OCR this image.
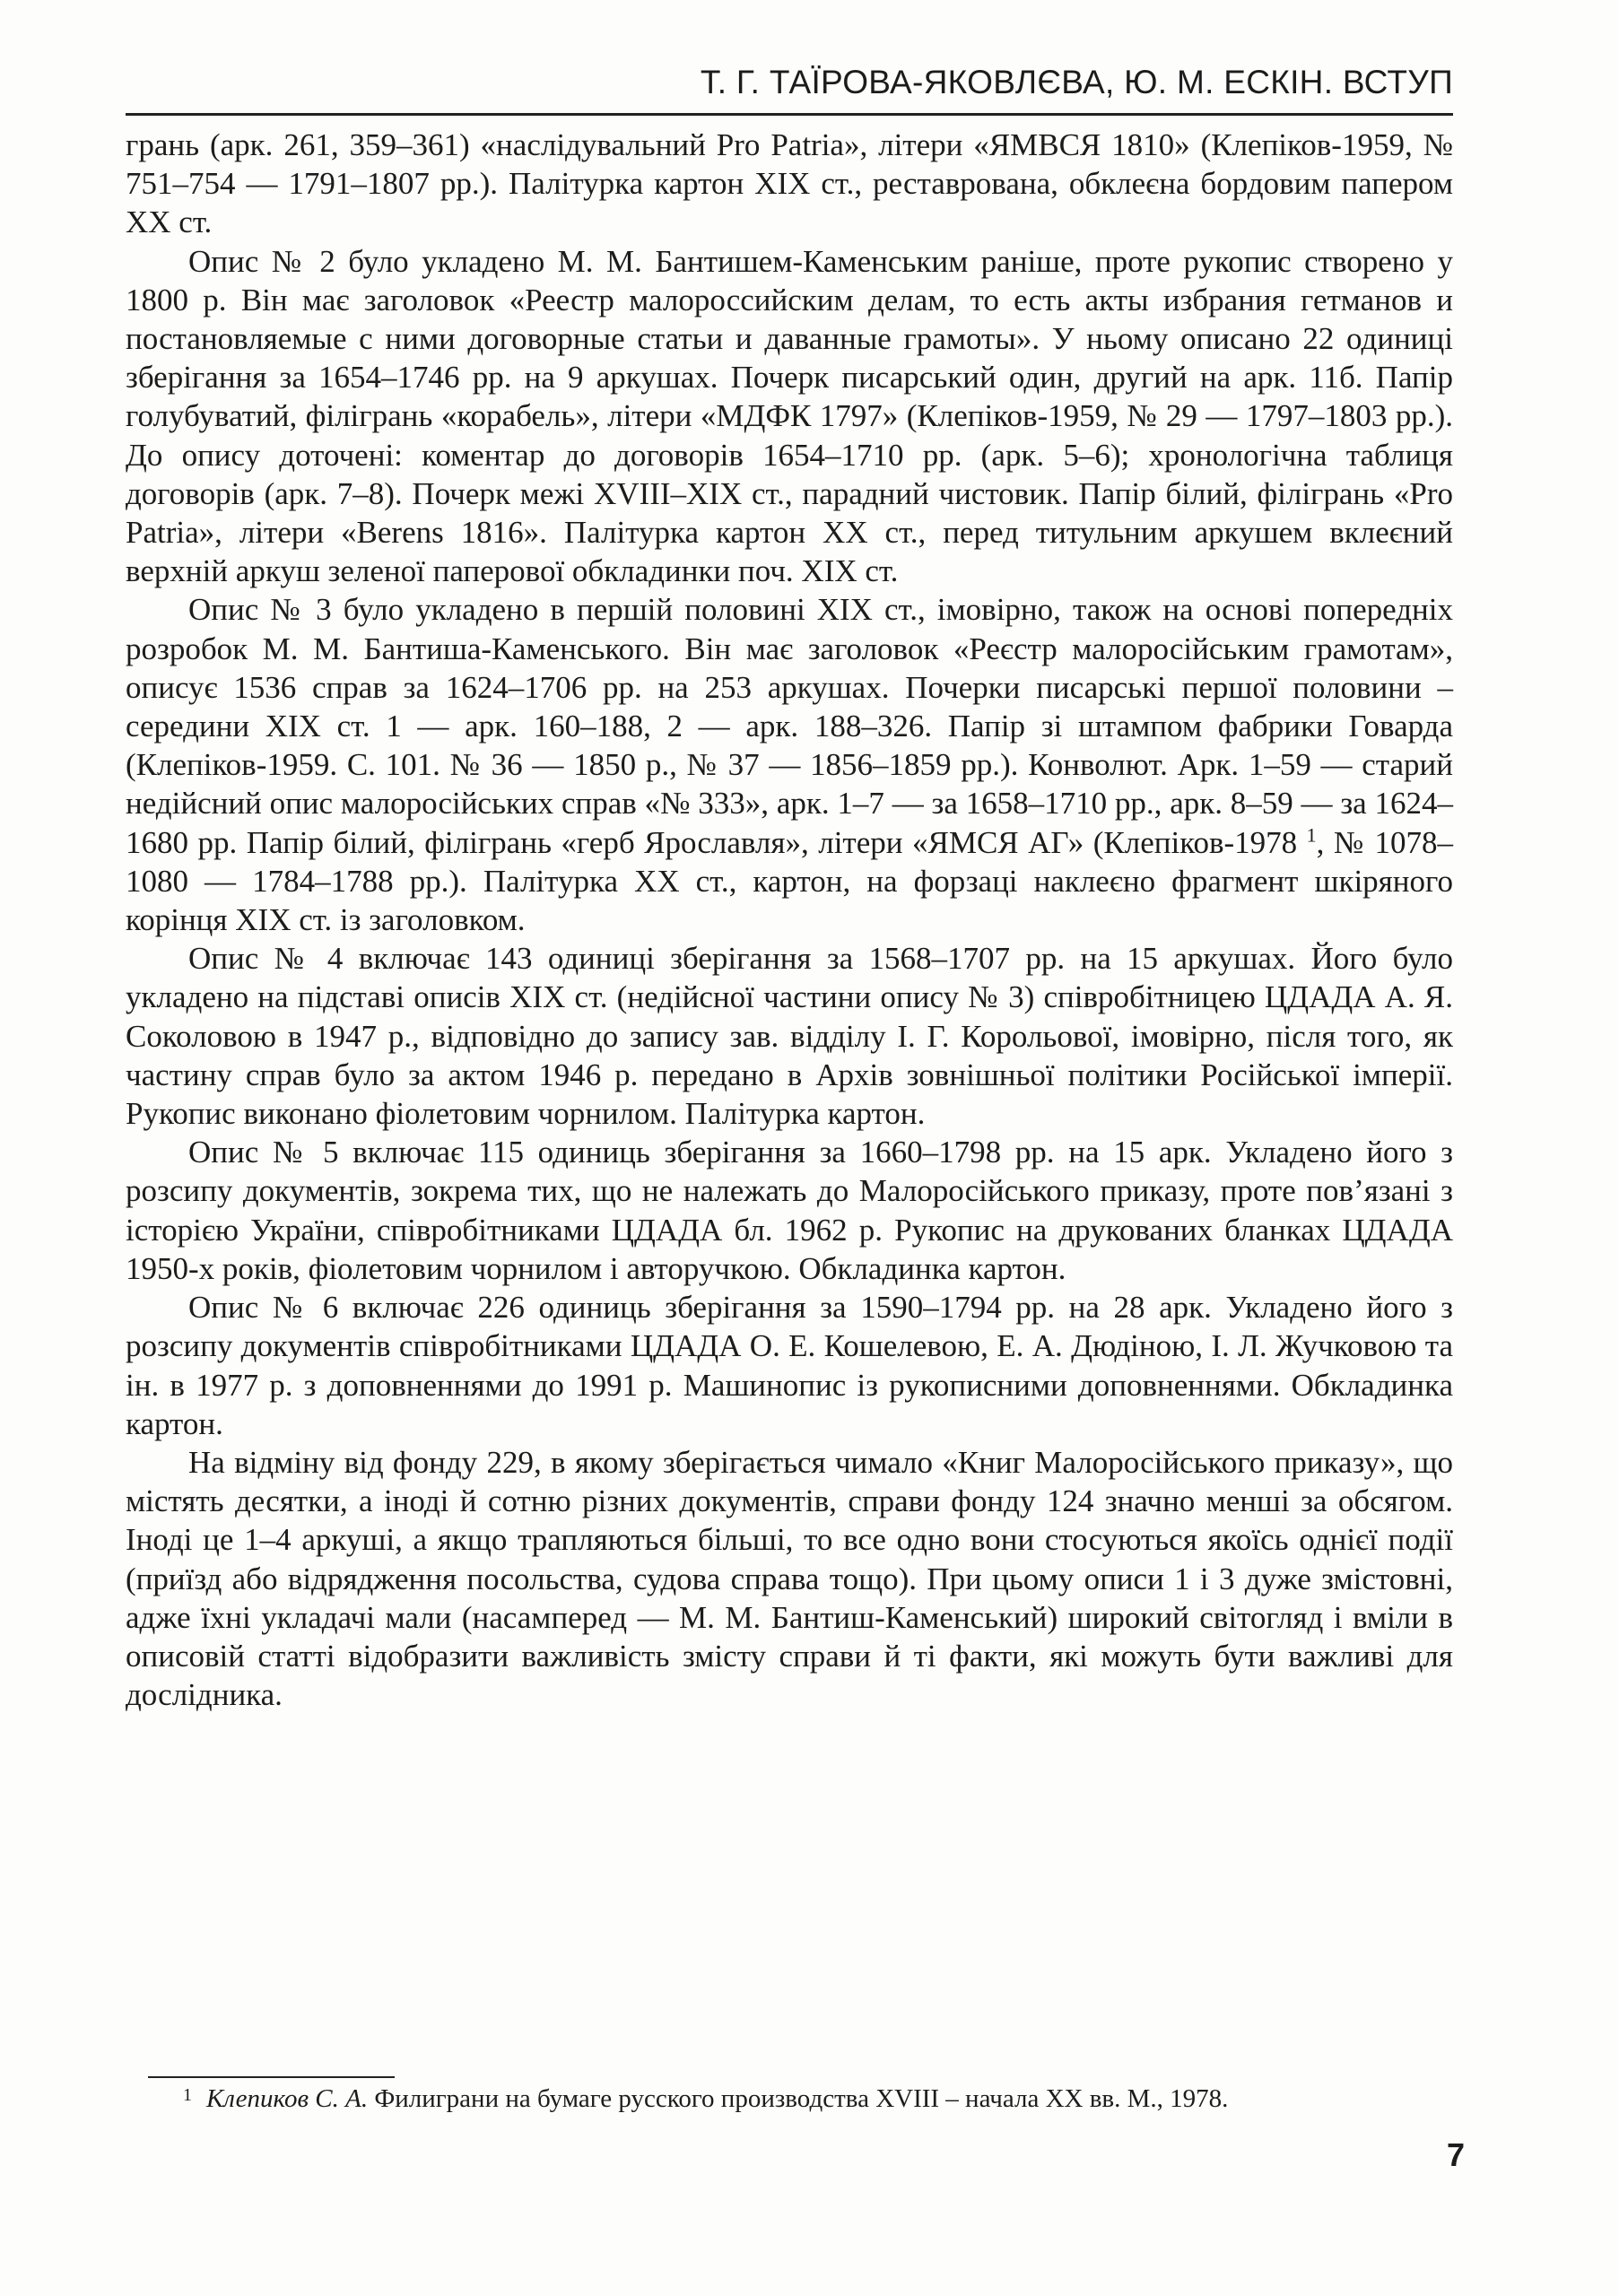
Т. Г. ТАЇРОВА-ЯКОВЛЄВА, Ю. М. ЕСКІН. ВСТУП

грань (арк. 261, 359–361) «наслідувальний Pro Patria», літери «ЯМВСЯ 1810» (Клепіков-1959, № 751–754 — 1791–1807 рр.). Палітурка картон ХІХ ст., реставрована, обклеєна бордовим папером ХХ ст.

Опис № 2 було укладено М. М. Бантишем-Каменським раніше, проте рукопис створено у 1800 р. Він має заголовок «Реестр малороссийским делам, то есть акты избрания гетманов и постановляемые с ними договорные статьи и даванные грамоты». У ньому описано 22 одиниці зберігання за 1654–1746 рр. на 9 аркушах. Почерк писарський один, другий на арк. 11б. Папір голубуватий, філігрань «корабель», літери «МДФК 1797» (Клепіков-1959, № 29 — 1797–1803 рр.). До опису доточені: коментар до договорів 1654–1710 рр. (арк. 5–6); хронологічна таблиця договорів (арк. 7–8). Почерк межі XVIII–XIX ст., парадний чистовик. Папір білий, філігрань «Pro Patria», літери «Berens 1816». Палітурка картон ХХ ст., перед титульним аркушем вклеєний верхній аркуш зеленої паперової обкладинки поч. ХІХ ст.

Опис № 3 було укладено в першій половині ХІХ ст., імовірно, також на основі попередніх розробок М. М. Бантиша-Каменського. Він має заголовок «Реєстр малоросійським грамотам», описує 1536 справ за 1624–1706 рр. на 253 аркушах. Почерки писарські першої половини – середини ХІХ ст. 1 — арк. 160–188, 2 — арк. 188–326. Папір зі штампом фабрики Говарда (Клепіков-1959. С. 101. № 36 — 1850 р., № 37 — 1856–1859 рр.). Конволют. Арк. 1–59 — старий недійсний опис малоросійських справ «№ 333», арк. 1–7 — за 1658–1710 рр., арк. 8–59 — за 1624–1680 рр. Папір білий, філігрань «герб Ярославля», літери «ЯМСЯ АГ» (Клепіков-1978 $^1$, № 1078–1080 — 1784–1788 рр.). Палітурка ХХ ст., картон, на форзаці наклеєно фрагмент шкіряного корінця ХІХ ст. із заголовком.

Опис № 4 включає 143 одиниці зберігання за 1568–1707 рр. на 15 аркушах. Його було укладено на підставі описів ХІХ ст. (недійсної частини опису № 3) співробітницею ЦДАДА А. Я. Соколовою в 1947 р., відповідно до запису зав. відділу І. Г. Корольової, імовірно, після того, як частину справ було за актом 1946 р. передано в Архів зовнішньої політики Російської імперії. Рукопис виконано фіолетовим чорнилом. Палітурка картон.

Опис № 5 включає 115 одиниць зберігання за 1660–1798 рр. на 15 арк. Укладено його з розсипу документів, зокрема тих, що не належать до Малоросійського приказу, проте пов’язані з історією України, співробітниками ЦДАДА бл. 1962 р. Рукопис на друкованих бланках ЦДАДА 1950-х років, фіолетовим чорнилом і авторучкою. Обкладинка картон.

Опис № 6 включає 226 одиниць зберігання за 1590–1794 рр. на 28 арк. Укладено його з розсипу документів співробітниками ЦДАДА О. Е. Кошелевою, Е. А. Дюдіною, І. Л. Жучковою та ін. в 1977 р. з доповненнями до 1991 р. Машинопис із рукописними доповненнями. Обкладинка картон.

На відміну від фонду 229, в якому зберігається чимало «Книг Малоросійського приказу», що містять десятки, а іноді й сотню різних документів, справи фонду 124 значно менші за обсягом. Іноді це 1–4 аркуші, а якщо трапляються більші, то все одно вони стосуються якоїсь однієї події (приїзд або відрядження посольства, судова справа тощо). При цьому описи 1 і 3 дуже змістовні, адже їхні укладачі мали (насамперед — М. М. Бантиш-Каменський) широкий світогляд і вміли в описовій статті відобразити важливість змісту справи й ті факти, які можуть бути важливі для дослідника.

1 Клепиков С. А. Филиграни на бумаге русского производства XVIII – начала ХХ вв. М., 1978.
7
